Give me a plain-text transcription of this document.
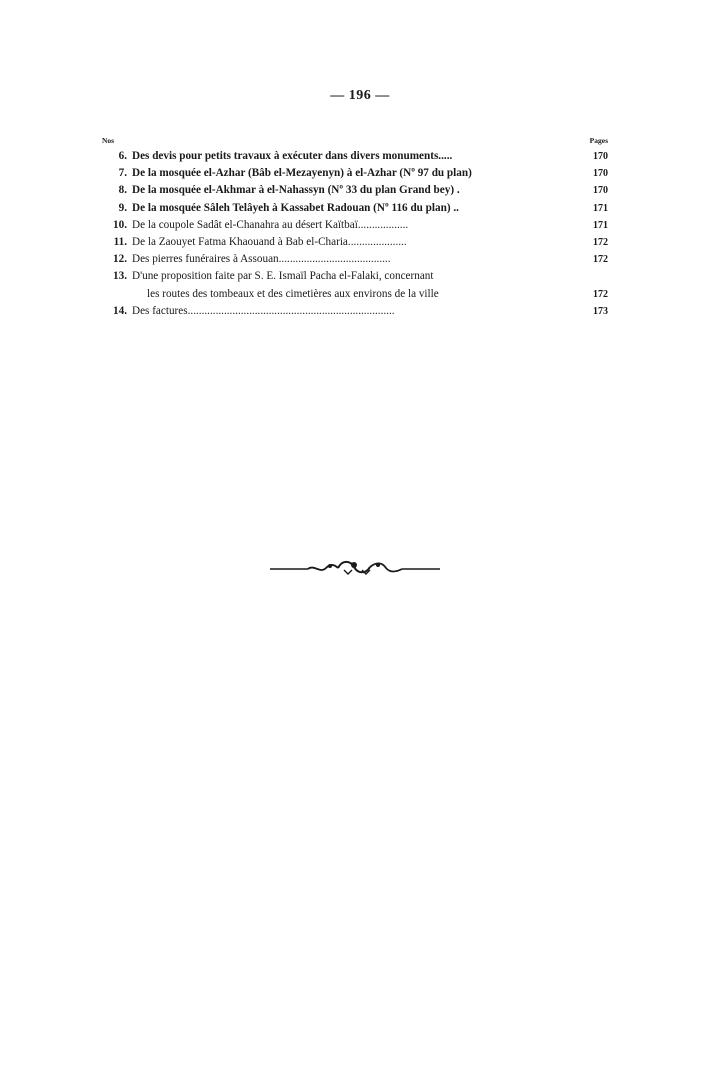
— 196 —
Nos	Pages
6. Des devis pour petits travaux à exécuter dans divers monuments.....	170
7. De la mosquée el-Azhar (Bâb el-Mezayenyn) à el-Azhar (Nº 97 du plan)	170
8. De la mosquée el-Akhmar à el-Nahassyn (Nº 33 du plan Grand bey) .	170
9. De la mosquée Sâleh Telâyeh à Kassabet Radouan (Nº 116 du plan) ..	171
10. De la coupole Sadât el-Chanahra au désert Kaïtbaï..................	171
11. De la Zaouyet Fatma Khaouand à Bab el-Charia.....................	172
12. Des pierres funéraires à Assouan........................................	172
13. D'une proposition faite par S. E. Ismaïl Pacha el-Falaki, concernant
les routes des tombeaux et des cimetières aux environs de la ville	172
14. Des factures..........................................................................	173
